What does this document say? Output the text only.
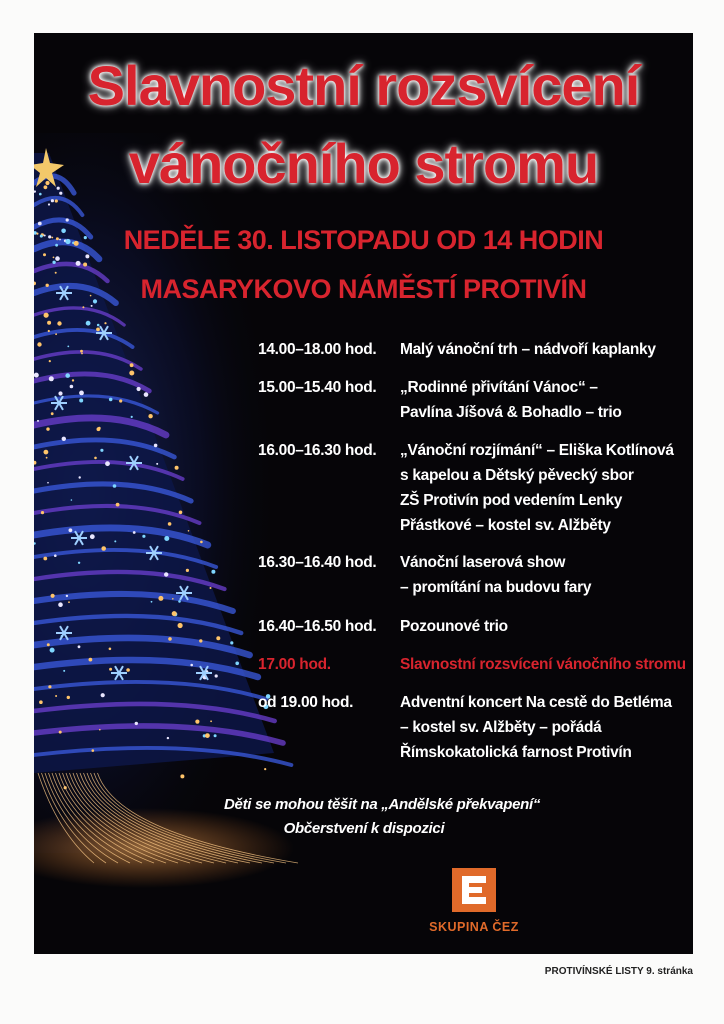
Slavnostní rozsvícení
vánočního stromu
NEDĚLE 30. LISTOPADU OD 14 HODIN
MASARYKOVO NÁMĚSTÍ PROTIVÍN
14.00–18.00 hod.	Malý vánoční trh – nádvoří kaplanky
15.00–15.40 hod.	„Rodinné přivítání Vánoc“ –
Pavlína Jíšová & Bohadlo – trio
16.00–16.30 hod.	„Vánoční rozjímání“ – Eliška Kotlínová
s kapelou a Dětský pěvecký sbor
ZŠ Protivín pod vedením Lenky
Přástkové – kostel sv. Alžběty
16.30–16.40 hod.	Vánoční laserová show
– promítání na budovu fary
16.40–16.50 hod.	Pozounové trio
17.00 hod.	Slavnostní rozsvícení vánočního stromu
od 19.00 hod.	Adventní koncert Na cestě do Betléma
– kostel sv. Alžběty – pořádá
Římskokatolická farnost Protivín
Děti se mohou těšit na „Andělské překvapení“
Občerstvení k dispozici
SKUPINA ČEZ
PROTIVÍNSKÉ LISTY 9. stránka
